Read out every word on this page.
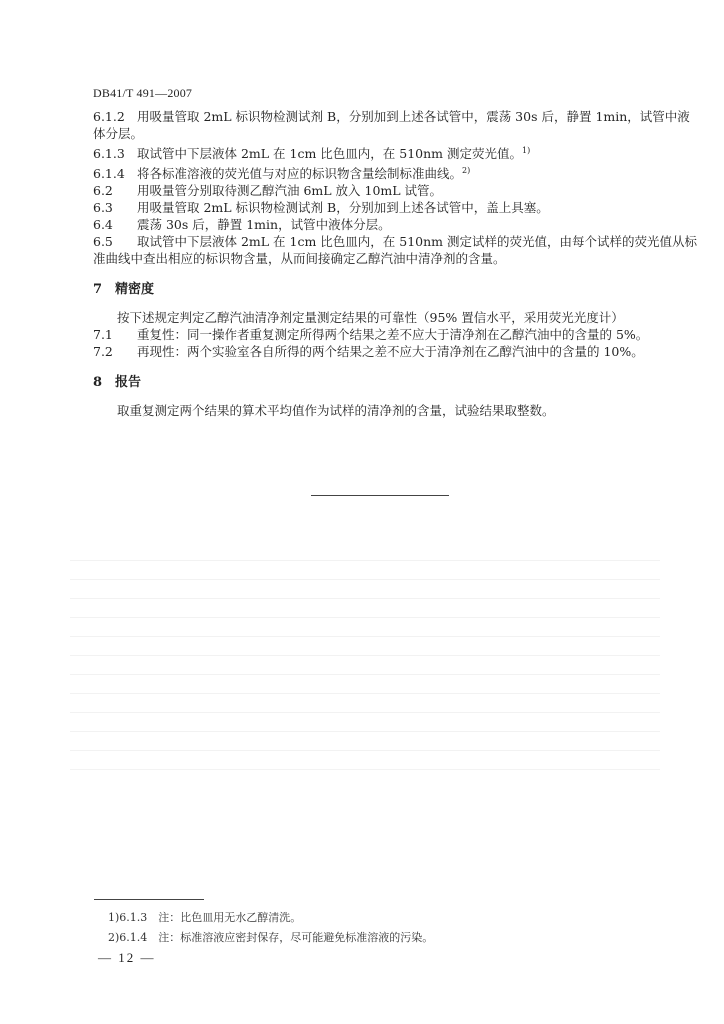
DB41/T 491—2007
6.1.2 用吸量管取 2mL 标识物检测试剂 B，分别加到上述各试管中，震荡 30s 后，静置 1min，试管中液
体分层。
6.1.3 取试管中下层液体 2mL 在 1cm 比色皿内，在 510nm 测定荧光值。$^{1)}$
6.1.4 将各标准溶液的荧光值与对应的标识物含量绘制标准曲线。$^{2)}$
6.2 用吸量管分别取待测乙醇汽油 6mL 放入 10mL 试管。
6.3 用吸量管取 2mL 标识物检测试剂 B，分别加到上述各试管中，盖上具塞。
6.4 震荡 30s 后，静置 1min，试管中液体分层。
6.5 取试管中下层液体 2mL 在 1cm 比色皿内，在 510nm 测定试样的荧光值，由每个试样的荧光值从标
准曲线中查出相应的标识物含量，从而间接确定乙醇汽油中清净剂的含量。
7　精密度
按下述规定判定乙醇汽油清净剂定量测定结果的可靠性（95% 置信水平，采用荧光光度计）
7.1 重复性：同一操作者重复测定所得两个结果之差不应大于清净剂在乙醇汽油中的含量的 5%。
7.2 再现性：两个实验室各自所得的两个结果之差不应大于清净剂在乙醇汽油中的含量的 10%。
8　报告
取重复测定两个结果的算术平均值作为试样的清净剂的含量，试验结果取整数。
1)6.1.3　注：比色皿用无水乙醇清洗。
2)6.1.4　注：标准溶液应密封保存，尽可能避免标准溶液的污染。
— 12 —
